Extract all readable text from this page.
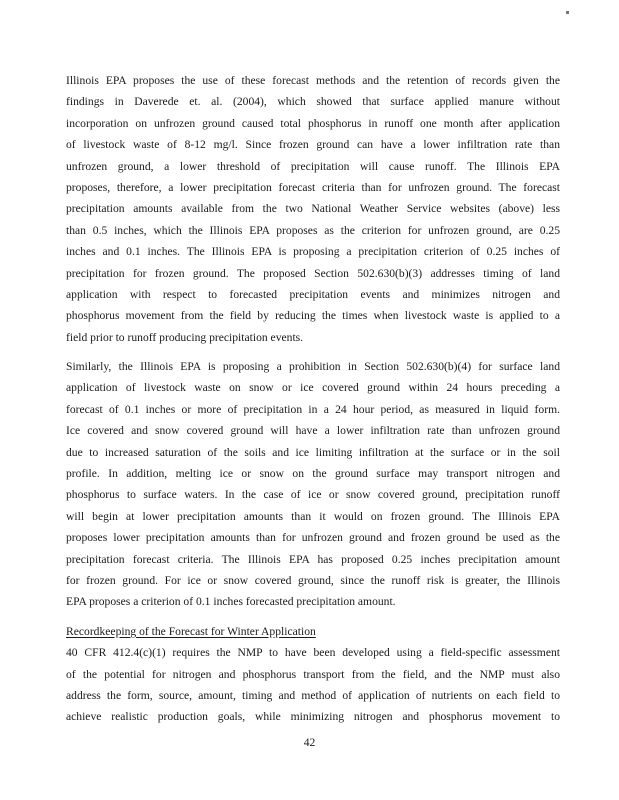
Illinois EPA proposes the use of these forecast methods and the retention of records given the
findings in Daverede et. al. (2004), which showed that surface applied manure without
incorporation on unfrozen ground caused total phosphorus in runoff one month after application
of livestock waste of 8-12 mg/l. Since frozen ground can have a lower infiltration rate than
unfrozen ground, a lower threshold of precipitation will cause runoff. The Illinois EPA
proposes, therefore, a lower precipitation forecast criteria than for unfrozen ground. The forecast
precipitation amounts available from the two National Weather Service websites (above) less
than 0.5 inches, which the Illinois EPA proposes as the criterion for unfrozen ground, are 0.25
inches and 0.1 inches. The Illinois EPA is proposing a precipitation criterion of 0.25 inches of
precipitation for frozen ground. The proposed Section 502.630(b)(3) addresses timing of land
application with respect to forecasted precipitation events and minimizes nitrogen and
phosphorus movement from the field by reducing the times when livestock waste is applied to a
field prior to runoff producing precipitation events.
Similarly, the Illinois EPA is proposing a prohibition in Section 502.630(b)(4) for surface land
application of livestock waste on snow or ice covered ground within 24 hours preceding a
forecast of 0.1 inches or more of precipitation in a 24 hour period, as measured in liquid form.
Ice covered and snow covered ground will have a lower infiltration rate than unfrozen ground
due to increased saturation of the soils and ice limiting infiltration at the surface or in the soil
profile. In addition, melting ice or snow on the ground surface may transport nitrogen and
phosphorus to surface waters. In the case of ice or snow covered ground, precipitation runoff
will begin at lower precipitation amounts than it would on frozen ground. The Illinois EPA
proposes lower precipitation amounts than for unfrozen ground and frozen ground be used as the
precipitation forecast criteria. The Illinois EPA has proposed 0.25 inches precipitation amount
for frozen ground. For ice or snow covered ground, since the runoff risk is greater, the Illinois
EPA proposes a criterion of 0.1 inches forecasted precipitation amount.
Recordkeeping of the Forecast for Winter Application
40 CFR 412.4(c)(1) requires the NMP to have been developed using a field-specific assessment
of the potential for nitrogen and phosphorus transport from the field, and the NMP must also
address the form, source, amount, timing and method of application of nutrients on each field to
achieve realistic production goals, while minimizing nitrogen and phosphorus movement to
42
